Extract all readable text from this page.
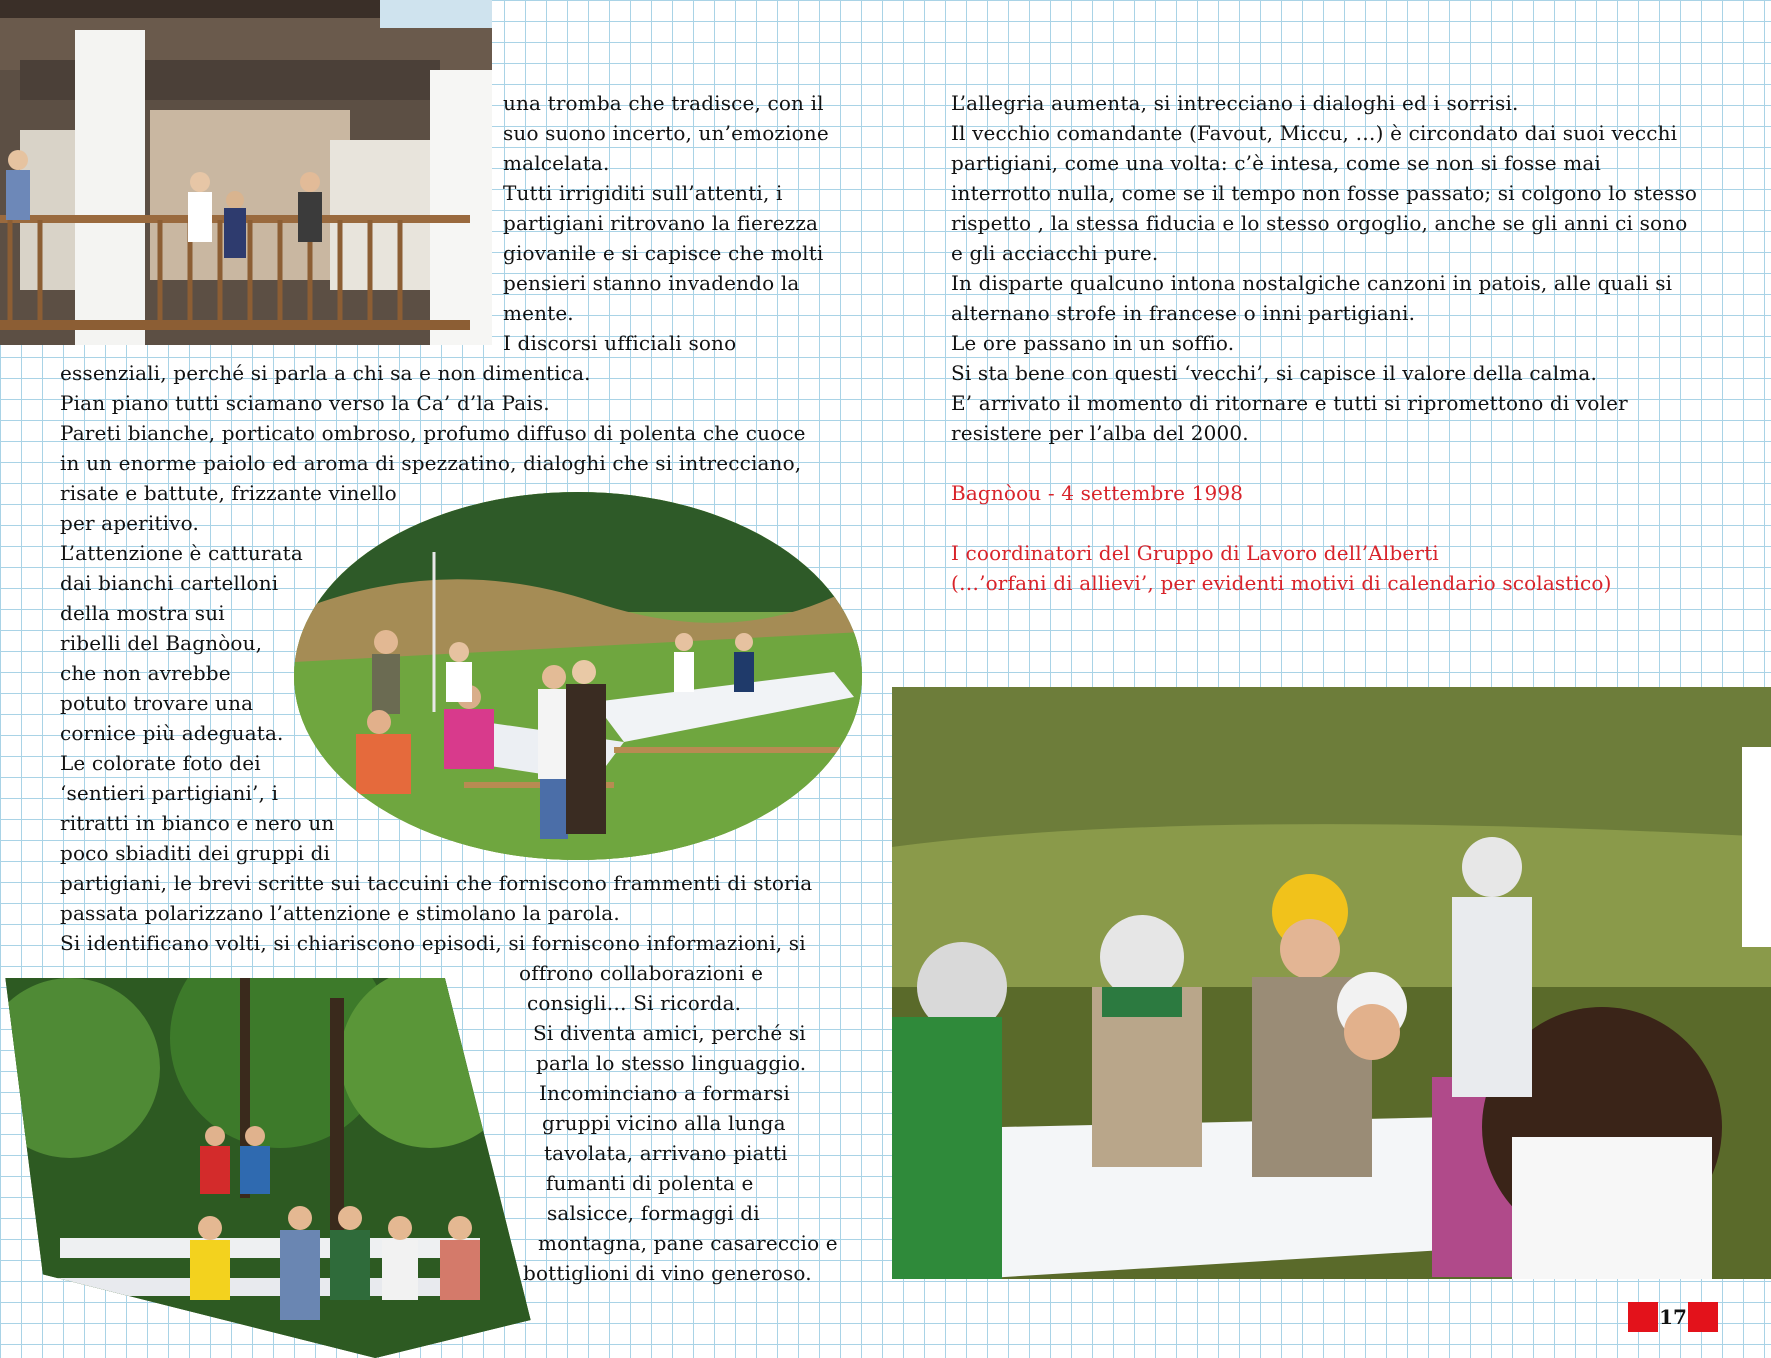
una tromba che tradisce, con il
suo suono incerto, un’emozione
malcelata.
Tutti irrigiditi sull’attenti, i
partigiani ritrovano la fierezza
giovanile e si capisce che molti
pensieri stanno invadendo la
mente.
I discorsi ufficiali sono
essenziali, perché si parla a chi sa e non dimentica.
Pian piano tutti sciamano verso la Ca’ d’la Pais.
Pareti bianche, porticato ombroso, profumo diffuso di polenta che cuoce
in un enorme paiolo ed aroma di spezzatino, dialoghi che si intrecciano,
risate e battute, frizzante vinello
per aperitivo.
L’attenzione è catturata
dai bianchi cartelloni
della mostra sui
ribelli del Bagnòou,
che non avrebbe
potuto trovare una
cornice più adeguata.
Le colorate foto dei
‘sentieri partigiani’, i
ritratti in bianco e nero un
poco sbiaditi dei gruppi di
partigiani, le brevi scritte sui taccuini che forniscono frammenti di storia
passata polarizzano l’attenzione e stimolano la parola.
Si identificano volti, si chiariscono episodi, si forniscono informazioni, si
offrono collaborazioni e
consigli… Si ricorda.
Si diventa amici, perché si
parla lo stesso linguaggio.
Incominciano a formarsi
gruppi vicino alla lunga
tavolata, arrivano piatti
fumanti di polenta e
salsicce, formaggi di
montagna, pane casareccio e
bottiglioni di vino generoso.
L’allegria aumenta, si intrecciano i dialoghi ed i sorrisi.
Il vecchio comandante (Favout, Miccu, …) è circondato dai suoi vecchi
partigiani, come una volta: c’è intesa, come se non si fosse mai
interrotto nulla, come se il tempo non fosse passato; si colgono lo stesso
rispetto , la stessa fiducia e lo stesso orgoglio, anche se gli anni ci sono
e gli acciacchi pure.
In disparte qualcuno intona nostalgiche canzoni in patois, alle quali si
alternano strofe in francese o inni partigiani.
Le ore passano in un soffio.
Si sta bene con questi ‘vecchi’, si capisce il valore della calma.
E’ arrivato il momento di ritornare e tutti si ripromettono di voler
resistere per l’alba del 2000.
Bagnòou - 4 settembre 1998
I coordinatori del Gruppo di Lavoro dell’Alberti
(…’orfani di allievi’, per evidenti motivi di calendario scolastico)
17
